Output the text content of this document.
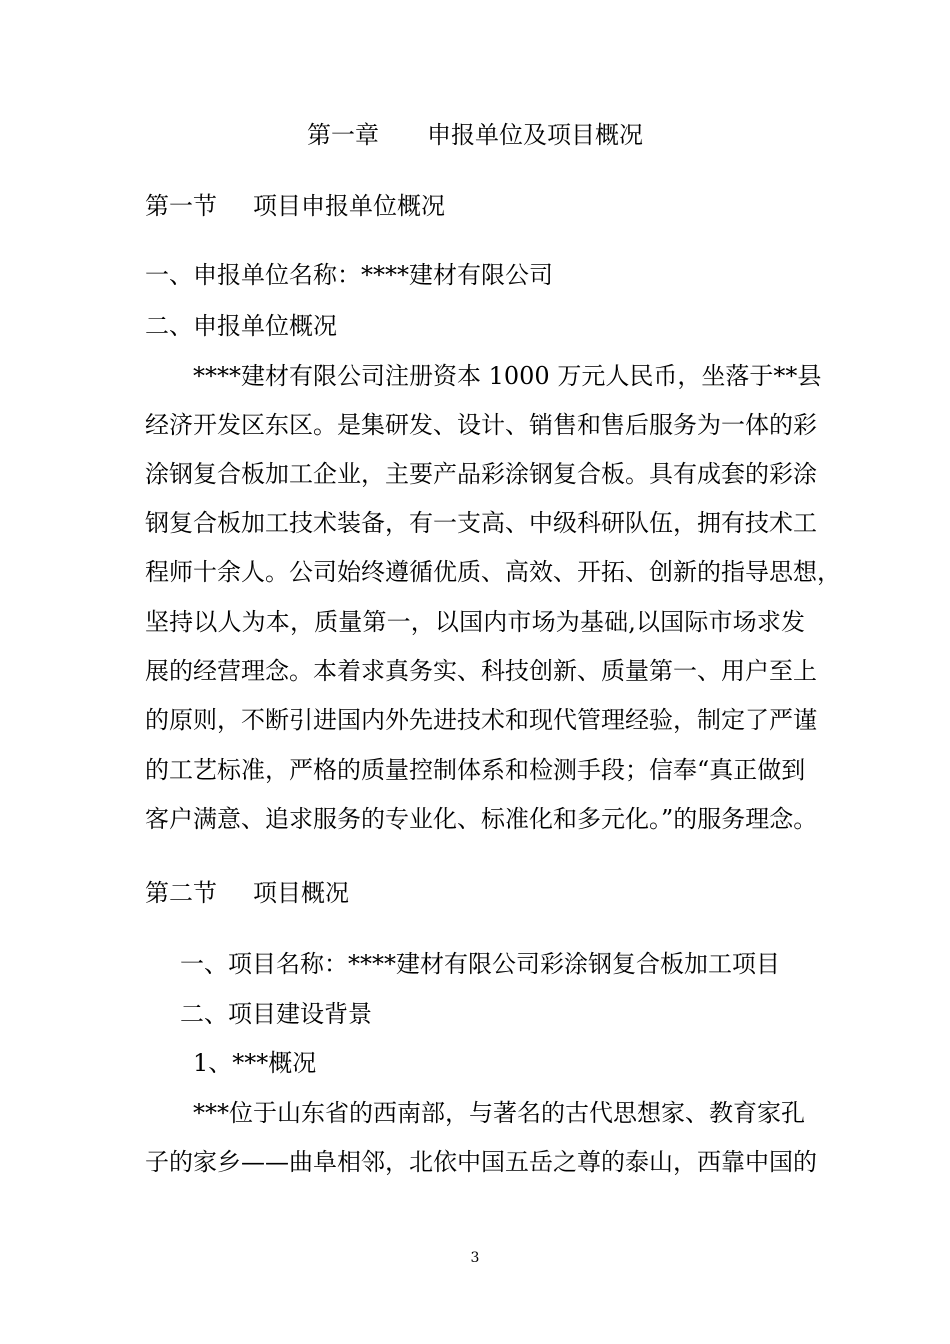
第一章 申报单位及项目概况

第一节 项目申报单位概况

一、申报单位名称：****建材有限公司

二、申报单位概况

****建材有限公司注册资本 1000 万元人民币，坐落于**县

经济开发区东区。是集研发、设计、销售和售后服务为一体的彩

涂钢复合板加工企业，主要产品彩涂钢复合板。具有成套的彩涂

钢复合板加工技术装备，有一支高、中级科研队伍，拥有技术工

程师十余人。公司始终遵循优质、高效、开拓、创新的指导思想，

坚持以人为本，质量第一，以国内市场为基础,以国际市场求发

展的经营理念。本着求真务实、科技创新、质量第一、用户至上

的原则，不断引进国内外先进技术和现代管理经验，制定了严谨

的工艺标准，严格的质量控制体系和检测手段；信奉“真正做到

客户满意、追求服务的专业化、标准化和多元化。”的服务理念。

第二节 项目概况

一、项目名称：****建材有限公司彩涂钢复合板加工项目

二、项目建设背景

1、***概况

***位于山东省的西南部，与著名的古代思想家、教育家孔

子的家乡——曲阜相邻，北依中国五岳之尊的泰山，西靠中国的

3
